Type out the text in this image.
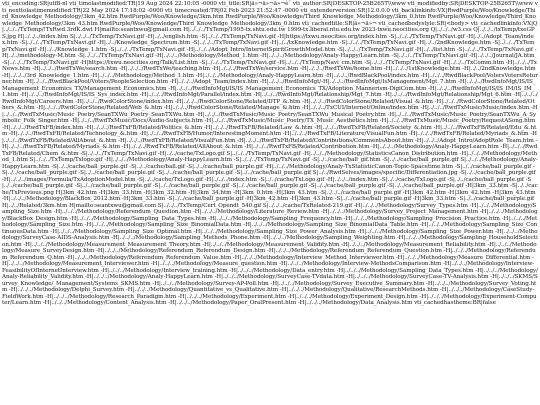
vti_encoding:SR|utf8-nl vti_timelastmodified:TR|19 Aug 2024 22:10:05 -0000 vti_title:SR|ä»¬ä»¬ä»¬èˆ vti_author:SR|DESKTOP-25B265T\\www vti_modifiedby:SR|DESKTOP-25B265T\\www vti_nexttolastimemodified:TR|22 May 2024 17:18:02 -0000 vti_timecreated:TR|02 Feb 2023 21:52:47 -0000 vti_extenderversion:SR|12.0.0.0 vti_backlinkinfo:VX|RwdPurple/Woo/Knowledge/Third_Knowledge_Methodology/3km_42.htm RwdPurple/Woo/Knowledge/3km.htm RwdPurple/Woo/Knowledge/Third_Knowledge_Methodology/3km_0.htm RwdPurple/Woo/Knowledge/Third_Knowledge_Methodology/3km_43.htm RwdPurple/Woo/Knowledge/Third_Knowledge_Methodology/3km_0.htm vti_cachedtitle:SR|ä»¬ä»¬ vti_cachedbodystyle:SR|<body> vti_cachedlinkinfo:VX|Q|../../../TxTemp/!TxRwd.3rdK.dwt H|mailto:seantxwu@gmail.com H|../../../TxTemp/1995-tx.shtu.edu.tw 1999-tx.liberal.ntu.edu.tw 2023-txwu.neocities.org Q|../../../w3.css Q|../../../txTemp/txeGPS.jpg H|../../../index.htm S|../../../TxTemp/TxNavi.gif -H|../../english.htm -S|../../../TxTemp/TxNavi.gif -H|https://txwu.neocities.org/index.htm -S|../../../TxTemp/TxNavi.gif -H|../../Adopt_Team/index.htm -S|../../../TxTemp/TxNavi.gif -H|../../Knowledge_Spectrum.htm -S|../../../TxTemp/TxNavi.gif -H|../../txKnowledge.htm -S|../../../TxTemp/TxNavi.gif -H|../../2ndKnowledge.htm -S|../../../TxTemp/TxNavi.gif -H|../../Knowledge_1.htm -S|../../../TxTemp/TxNavi.gif -H|../../../Adopt_Intro/InternetSpiritGrowthModel.htm -S|../../../TxTemp/TxNavi.gif -H|../../list.htm -S|../../../TxTemp/TxNavi.gif -H|../../methodology-M.htm -S|../../../TxTemp/TxNavi.gif -H|../../../Methodology/Method_1.htm -H|../../../Methodology/Analy-Happy/Learn.htm -S|../../../TxTemp/TxNavi.gif -H|../../../Journal/JA.htm -S|../../../TxTemp/TxNavi.gif -H|https://txwu.neocities.org/Talk/List.htm -S|../../../TxTemp/TxNavi.gif -H|../../../TxTemp/Navi_cm.htm -S|../../../TxTemp/TxNavi.gif -H|../../../TxComm.htm -H|../../../TxNews.htm -H|../../../RwdTxWe/search.htm -H|../../../RwdTxWe/teaching.htm -H|../../../RwdTxWe/service.htm -H|../../../RwdTxWe/home.htm -H|../../../1stKnowledge.htm -H|../../2ndKnowledge.htm -H|../../../3rd_Knowledge_1.htm -H|../../../Methodology/Method_1.htm -H|../../../Methodology/Analy-HappyLearn.htm -H|../../../RwdBlackPool/index.htm -H|../../../RwdBlackPool/VotersVotersReturner.htm -H|../../../RwdBlackPool/Voters/PeopleSelection.htm -H|../../../Adopt_Team/index.htm -H|../../../RwdInfoMgt/-H|../../../RwdInfoMgt/IsManagement/Mgt_7.htm -H|../../../RwdInfoMgt/IS/IS_Management_Economics_TX/Management_Economics.htm -H|../../../RwdInfoMgt/IS/IS_Management_Economics_TX/Adoption_Mannerism-DigiCom.htm -H|../../../RwdInfoMgt/IS/IS_IM/IS_IM_1.htm -H|../../../RwdInfoMgt/IS/IS_Sys_index.htm -H|../../../RwdInfoMgt/Parallel/index.htm -H|../../../RwdInfoMgt/Relationship/Mgt_7.htm -H|../../../RwdInfoMgt/Relationship/Mgt_6.htm -H|../../../RwdInfoMgt/Careers.htm -H|../../../RwdColorStone/index.htm -H|../../../RwdColorStone/Related/DTP_&.htm -H|../../../RwdColorStone/Related/Visual_&.htm -H|../../../RwdColorStone/Related/Others_&.htm -H|../../../RwdColorStone/Related/Web_&.htm -H|../../../RwdColorStone/Related/Manage_&.htm -H|../../../TxCUI/Internet/Online/index.htm -H|../../../RwdTxMusic/Music/index.htm -H|../../../RwdTxMusic/Music_Poetry/SeanTXWu_Poetry_SeanTXWu.htm -H|../../../RwdTxMusic/Music_Poetry/SeanTXWu_Musical_Poetry.htm -H|../../../RwdTxMusic/Music_Poetry/SeanTXWu_A_Symbolic_Folk_Singer.htm -H|../../../RwdTxMusic/Docs/Audio-Subjects.htm -H|../../../RwdTxMusic/Music_Poetry/TX_Music_Aesthetics.htm -H|../../../RwdTxMusic/Music_Poetry/RequestASong.htm -H|../../../RwdTxFB/index.htm -H|../../../RwdTxFB/Related/Politics_&.htm -H|../../../RwdTxFB/Related/Law_&.htm -H|../../../RwdTxFB/Related/Society_&.htm -H|../../../RwdTxFB/Related/Edu_&.htm -H|../../../RwdTxFB/Related/Technology_&.htm -H|../../../RwdTxFB/Humor/InterestingMoment.htm -H|../../../RwdTxFB/Literature/VisualFun.htm -H|../../../RwdTxFB/Related/Myriads_&.htm -H|../../../RwdTxFB/Related/AllAbout_&.htm -H|../../../RwdTxFB/Related/VisualFun.htm -H|../../../RwdTxFB/Related/Contributions/CommentsAbout.htm -H|../../../Adopt_Intro/AdoptRole_Team.htm -H|../../../RwdTxFB/Related/Myriads_&.htm -H|../../../RwdTxFB/Related/AllAbout_&.htm -H|../../../RwdTxFB/Related/Contribution.htm -H|../../../Methodology/Analy-HappyLearn.htm -H|../../../RwdTxFB/Related/Chem_&.htm -S|../../../TxTemp/TxNavi.gif -H|../../cache/TxLogo.gif S|../../../TxTemp/TxNavi.gif -H|../../../Methodology/StatisticsCanon_Distribution.htm -H|../../../Methodology/Method_1.htm S|../../../TxTemp/Txlogo.gif -H|../../../Methodology/Analy-HappyLearn.htm -S|../../../TxTemp/TxNavi.gif -S|../../cache/ball_gif.htm -S|../../cache/ball_purple.gif S|../../../Methodology/Analy-HappyLearn.htm -S|../../cache/ball_purple.gif -S|../../cache/ball.gif -S|../../cache/ball_purple.gif -H|../../../Methodology/Analy-TxStatisticCanon-Topic-Spacetime.htm -S|../../cache/ball_purple.gif -S|../../cache/ball_purple.gif -S|../../cache/ball_purple.gif -S|../../cache/ball_purple.gif -S|../../cache/ball_purple.gif S|../../RwdSelves/images/specific/Differentiation.jpg -S|../../cache/ball_purple.gif -H|../../../images/Formula/TxAdoptionModel.htm -S|../../cache/TxLogo.gif -H|../../../index.htm -S|../../cache/TxLogo.gif -H|../../../index.htm -S|../../cache/TxLogo.gif -S|../../cache/ball_purple.gif -S|../../cache/ball_purple.gif -S|../../cache/ball_purple.gif -S|../../cache/ball_purple.gif -S|../../cache/ball_purple.gif -S|../../cache/ball_purple.gif -S|../../cache/ball_purple.gif -H|3km_33.htm -S|../../cache/TxPrevious.png H|3km_42.htm -H|3km_33.htm -H|3km_32.htm -H|3km_34.htm -H|3km_0.htm -H|3km_43.htm -S|../../../cache/ball_purple.gif -H|3km_42.htm -H|3km_42.htm -H|3km_43.htm -H|../../../Methodology/BlackBox_2012.htm -H|3km_33.htm -S|../../cache/ball_purple.gif -H|3km_42.htm -H|3km_43.htm -S|../../cache/ball_purple.gif -H|3km_33.htm -S|../../cache/ball_purple.gif H|../../Related/3km.htm H|mailto:seantxwu@gmail.com S|../../../TxTemp/Cert_Opendt_540.gif S|../../../cache/TxRelated-219.gif -H|../../../Methodology/Survey_Types.htm -H|../../../Methodology/Sampling_Size.htm -H|../../../Methodology/Referendum_Question.htm -H|../../../Methodology/Literature_Review.htm -H|../../../Methodology/Survey_Project_Management.htm -H|../../../Methodology/BlackBox_Design.htm -H|../../../Methodology/Sampling_Data_Types.htm -H|../../../Methodology/Sampling_Frequency.htm -H|../../../Methodology/Sampling_Precision_Practice.htm -H|../../../Methodology/Sampling_Size.htm -H|../../../Methodology/Sampling_Size_BinomialData.htm -H|../../../Methodology/Sampling_Size_BinomialData_Table.htm -H|../../../Methodology/Sampling_Size_ContinuousData.htm -H|../../../Methodology/Sampling_Size_Optimal.htm -H|../../../Methodology/Sampling_Size_Power_Analysis.htm -H|../../../Methodology/Sampling_Size_Power.htm -H|../../../Methodology/SurveyCase-AIDS-Analysis.htm -H|../../../Methodology/Sampling_Methods_Phone.htm -H|../../../Methodology/Sampling_Weighting.htm -H|../../../Methodology/Sampling_HouseholdSelection.htm -H|../../../Methodology/Measurement_Measurement_Theory.htm -H|../../../Methodology/Measurement_Validity.htm -H|../../../Methodology/Measurement_Reliability.htm -H|../../../Methodology/Measure_SurveyDesign.htm -H|../../../Methodology/Referendum_Referendum_Design.htm -H|../../../Methodology/Referendum_Referendum_Question.htm -H|../../../Methodology/Referendum_Referendum_Q.htm -H|../../../Methodology/Referendum_Referendum_Value.htm -H|../../../Methodology/Interview_Method_Interviewer.htm -H|../../../Methodology/Measure_Differential.htm -H|../../../Methodology/Measurement_Interviewer.htm -H|../../../Methodology/Measure_question.htm -H|../../../Methodology/Interview-MethodsComparison.htm -H|../../../Methodology/Interview-FeasibilityOfInternetInterview.htm -H|../../../Methodology/Interview_training.htm -H|../../../Methodology/Data_entry.htm -H|../../../Methodology/Sampling_Data_Types.htm -H|../../../Methodology/Analy-Reliability_Validity.htm -H|../../../Methodology/Analy-HappyLearn.htm -H|../../../Methodology/SurveyCase-TVdata.htm -H|../../../Methodology/SurveyCase-TV-Analysis.htm -H|../../../SKMS/Survey_Knowledge/_Management/Systems_SKMS.htm -H|../../../Methodology/Survey-AP-Poll.htm -H|../../../Methodology/Survey_Executive_Summary.htm -H|../../../Methodology/Survey_Voting.htm -H|../../../Methodology/Delphi_Survey.htm -H|../../../Methodology/Quantitative_vs_Qualitative.htm -H|../../../Methodology/Qualitative/ResearchMethods.htm -H|../../../Methodology/CaseStudy-FieldWork.htm -H|../../../Methodology/Research_Paradigm.htm -H|../../../Methodology/Experiment.htm -H|../../../Methodology/Experiment_Design.htm -H|../../../Methodology/Experiment-Computer/Learn.htm -H|../../../Methodology/Content_Analysis.htm -H|../../../Methodology/Paper_OralPresent.htm -H|../../../Methodology/Data_Analysis.htm vti_cachedhastheme:BR|false
